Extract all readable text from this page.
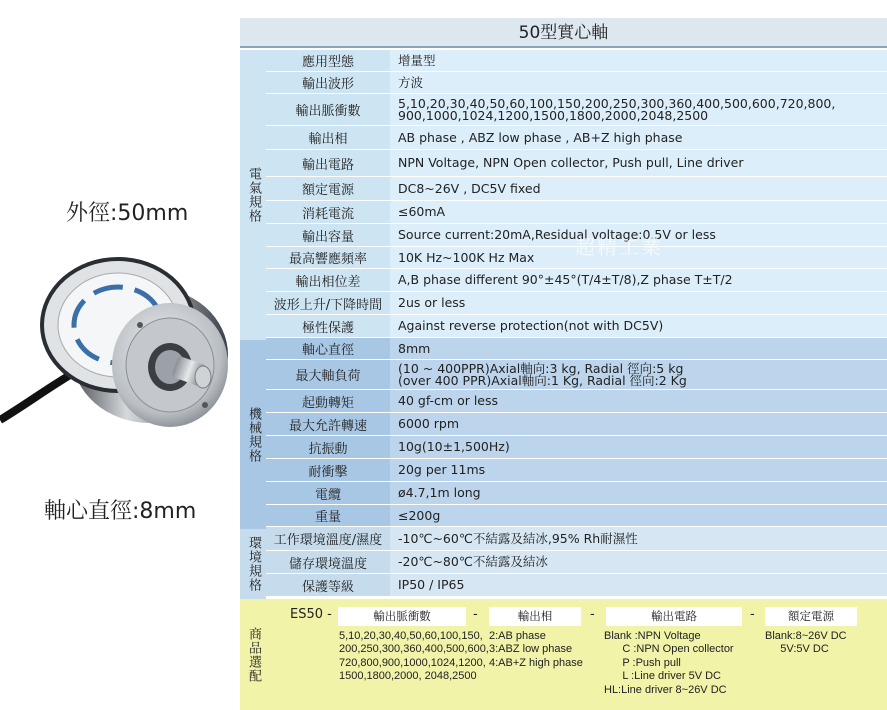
外徑:50mm
軸心直徑:8mm
50型實心軸
應用型態	增量型
輸出波形	方波
輸出脈衝數
5,10,20,30,40,50,60,100,150,200,250,300,360,400,500,600,720,800,
900,1000,1024,1200,1500,1800,2000,2048,2500
輸出相	AB phase , ABZ low phase , AB+Z high phase
輸出電路	NPN Voltage, NPN Open collector, Push pull, Line driver
額定電源	DC8~26V , DC5V fixed
消耗電流	≤60mA
輸出容量	Source current:20mA,Residual voltage:0.5V or less
最高響應頻率	10K Hz~100K Hz Max
輸出相位差	A,B phase different 90°±45°(T/4±T/8),Z phase T±T/2
波形上升/下降時間	2us or less
極性保護	Against reverse protection(not with DC5V)
軸心直徑	8mm
最大軸負荷
(10 ~ 400PPR)Axial軸向:3 kg, Radial 徑向:5 kg
(over 400 PPR)Axial軸向:1 Kg, Radial 徑向:2 Kg
起動轉矩	40 gf-cm or less
最大允許轉速	6000 rpm
抗振動	10g(10±1,500Hz)
耐衝擊	20g per 11ms
電纜	ø4.7,1m long
重量	≤200g
工作環境溫度/濕度	-10℃~60℃不結露及結冰,95% Rh耐濕性
儲存環境溫度	-20℃~80℃不結露及結冰
保護等級	IP50 / IP65
電氣規格
機械規格
環境規格
超精工業
商品選配
ES50 -	輸出脈衝數	-	輸出相	-	輸出電路	-	額定電源
5,10,20,30,40,50,60,100,150,
200,250,300,360,400,500,600,
720,800,900,1000,1024,1200,
1500,1800,2000, 2048,2500
2:AB phase
3:ABZ low phase
4:AB+Z high phase
Blank :NPN Voltage
C :NPN Open collector
P :Push pull
L :Line driver 5V DC
HL:Line driver 8~26V DC
Blank:8~26V DC
5V:5V DC
